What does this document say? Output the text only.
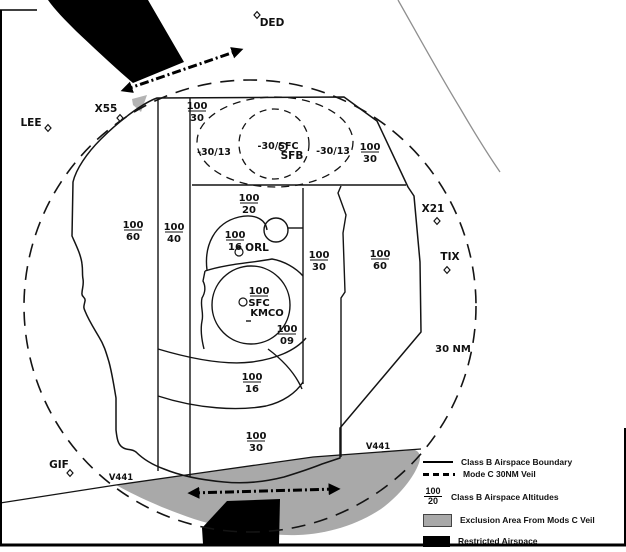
DED
LEE
X55
X21
TIX
GIF
100
30
100
30
100
20
100
60
100
40	100
16
100
30
100
60
100
SFC
100
09
100
16
100
30
-30/13
-30/SFC
SFB -30/13
ORL
KMCO
30 NM
V441
V441
Class B Airspace Boundary
Mode C 30NM Veil
$\frac{100}{20}$ Class B Airspace Altitudes
Exclusion Area From Mods C Veil
Restricted Airspace
